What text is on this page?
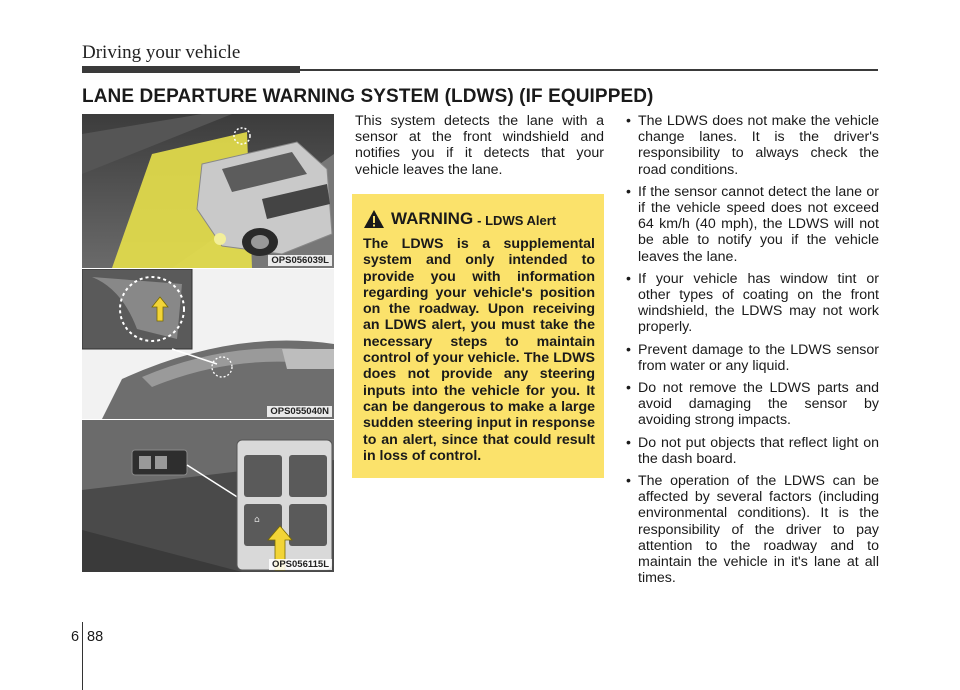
Driving your vehicle
LANE DEPARTURE WARNING SYSTEM (LDWS) (IF EQUIPPED)
OPS056039L
OPS055040N
⌂
OPS056115L
This system detects the lane with a sensor at the front windshield and notifies you if it detects that your vehicle leaves the lane.
WARNING - LDWS Alert
The LDWS is a supplemental system and only intended to provide you with information regarding your vehicle's position on the roadway. Upon receiving an LDWS alert, you must take the necessary steps to maintain control of your vehicle. The LDWS does not provide any steering inputs into the vehicle for you. It can be dangerous to make a large sudden steering input in response to an alert, since that could result in loss of control.
• The LDWS does not make the vehicle change lanes. It is the driver's responsibility to always check the road conditions.
• If the sensor cannot detect the lane or if the vehicle speed does not exceed 64 km/h (40 mph), the LDWS will not be able to notify you if the vehicle leaves the lane.
• If your vehicle has window tint or other types of coating on the front windshield, the LDWS may not work properly.
• Prevent damage to the LDWS sensor from water or any liquid.
• Do not remove the LDWS parts and avoid damaging the sensor by avoiding strong impacts.
• Do not put objects that reflect light on the dash board.
• The operation of the LDWS can be affected by several factors (including environmental conditions). It is the responsibility of the driver to pay attention to the roadway and to maintain the vehicle in it's lane at all times.
6 88
